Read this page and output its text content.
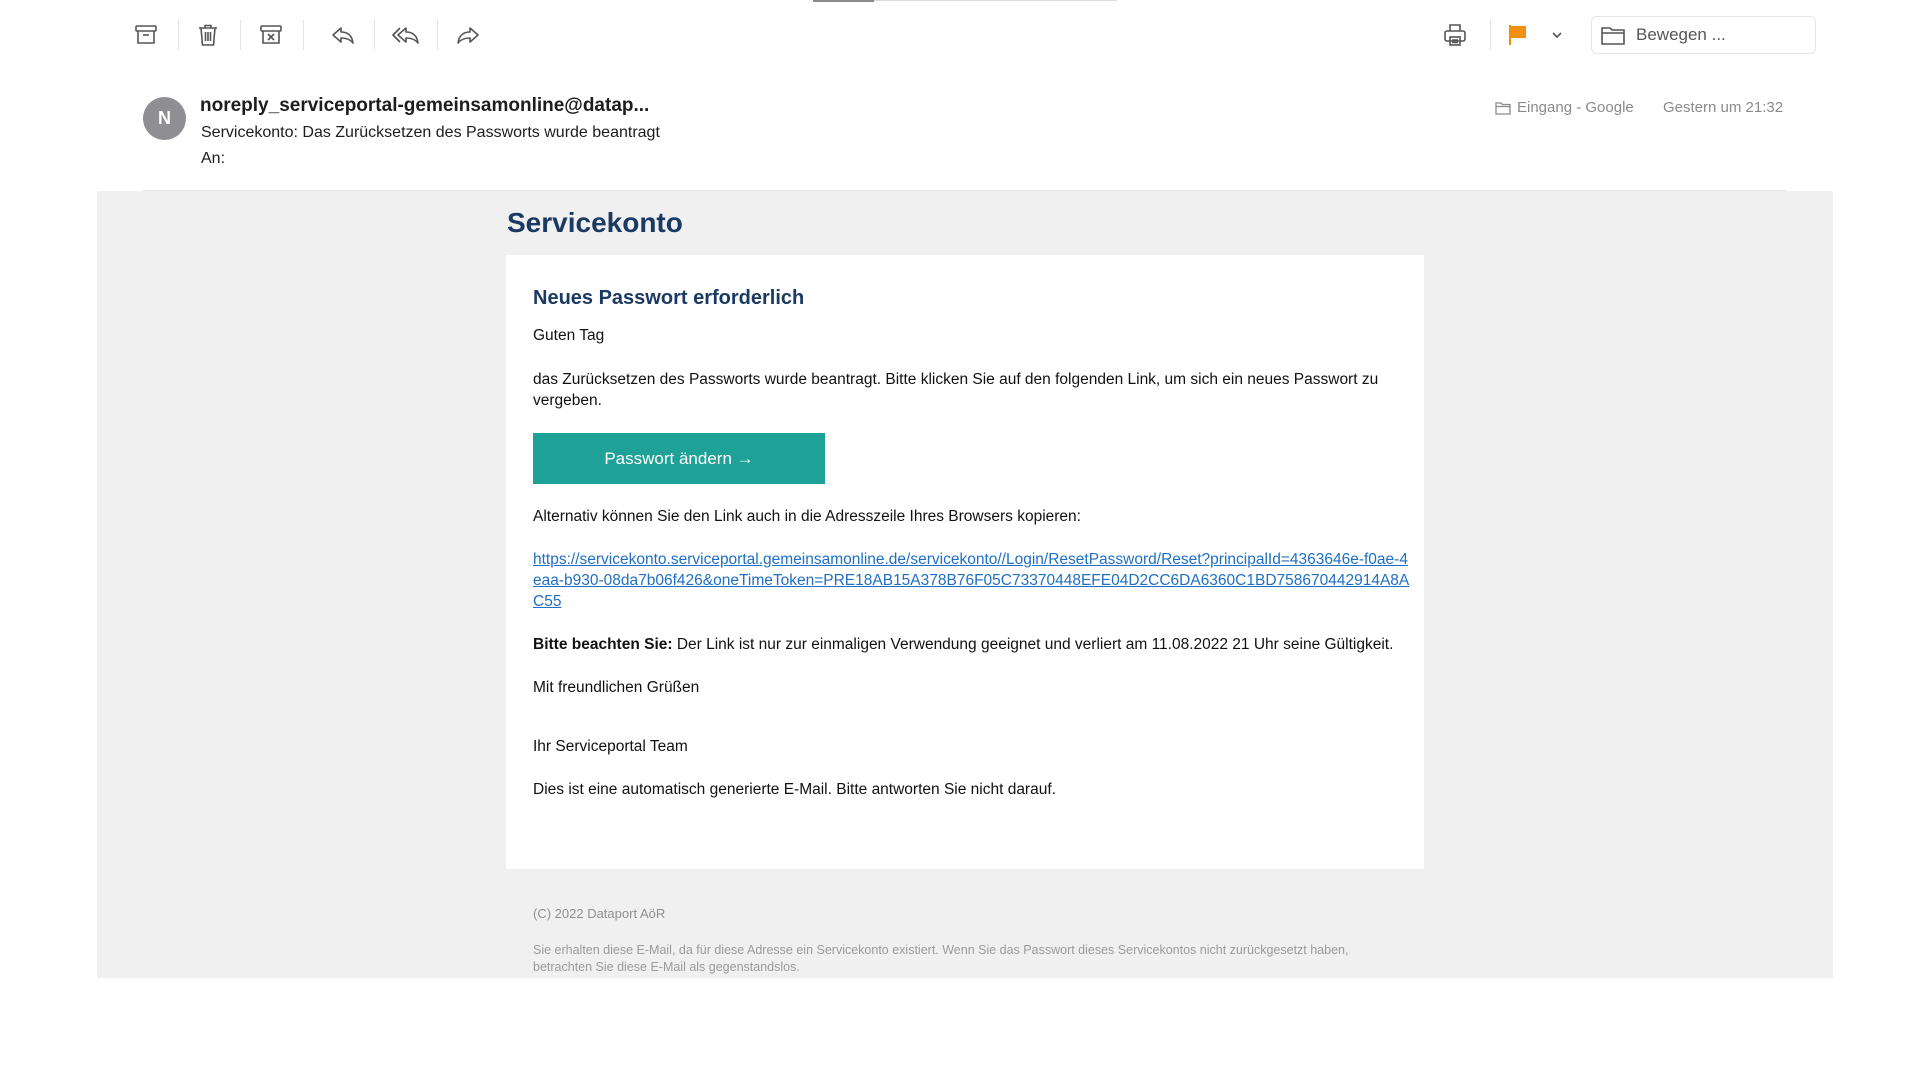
Bewegen ...
N
noreply_serviceportal-gemeinsamonline@datap...
Servicekonto: Das Zurücksetzen des Passworts wurde beantragt
An:
Eingang - Google Gestern um 21:32
Servicekonto
Neues Passwort erforderlich

Guten Tag

das Zurücksetzen des Passworts wurde beantragt. Bitte klicken Sie auf den folgenden Link, um sich ein neues Passwort zu vergeben.

Passwort ändern →

Alternativ können Sie den Link auch in die Adresszeile Ihres Browsers kopieren:

https://servicekonto.serviceportal.gemeinsamonline.de/servicekonto//Login/ResetPassword/Reset?principalId=4363646e-f0ae-4eaa-b930-08da7b06f426&oneTimeToken=PRE18AB15A378B76F05C73370448EFE04D2CC6DA6360C1BD758670442914A8AC55

Bitte beachten Sie: Der Link ist nur zur einmaligen Verwendung geeignet und verliert am 11.08.2022 21 Uhr seine Gültigkeit.

Mit freundlichen Grüßen

Ihr Serviceportal Team

Dies ist eine automatisch generierte E-Mail. Bitte antworten Sie nicht darauf.

(C) 2022 Dataport AöR
Sie erhalten diese E-Mail, da für diese Adresse ein Servicekonto existiert. Wenn Sie das Passwort dieses Servicekontos nicht zurückgesetzt haben, betrachten Sie diese E-Mail als gegenstandslos.
